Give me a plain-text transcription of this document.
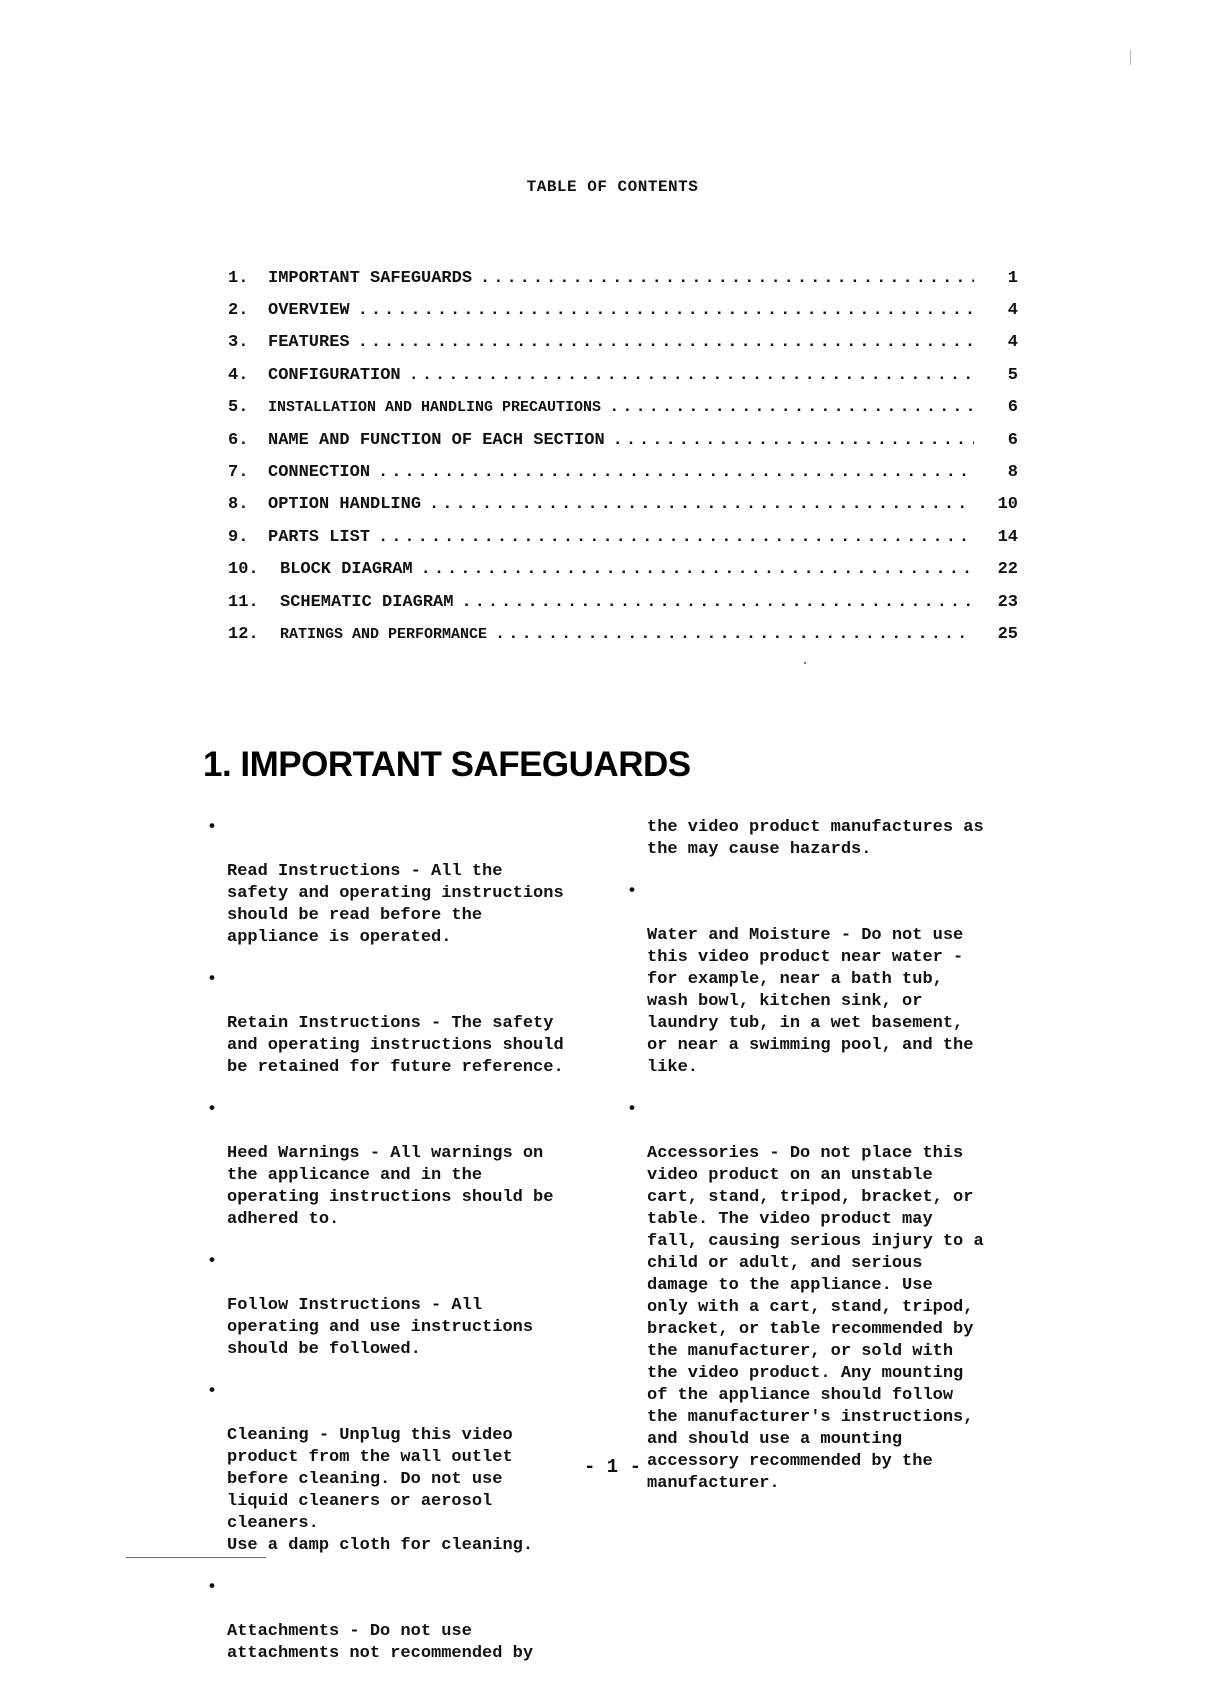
TABLE OF CONTENTS
1.	IMPORTANT SAFEGUARDS .....	1
2.	OVERVIEW .....	4
3.	FEATURES .....	4
4.	CONFIGURATION .....	5
5.	INSTALLATION AND HANDLING PRECAUTIONS .....	6
6.	NAME AND FUNCTION OF EACH SECTION .....	6
7.	CONNECTION .....	8
8.	OPTION HANDLING .....	10
9.	PARTS LIST .....	14
10.	BLOCK DIAGRAM .....	22
11.	SCHEMATIC DIAGRAM .....	23
12.	RATINGS AND PERFORMANCE .....	25
1. IMPORTANT SAFEGUARDS

•

Read Instructions - All the
safety and operating instructions
should be read before the
appliance is operated.

•

Retain Instructions - The safety
and operating instructions should
be retained for future reference.

•

Heed Warnings - All warnings on
the applicance and in the
operating instructions should be
adhered to.

•

Follow Instructions - All
operating and use instructions
should be followed.

•

Cleaning - Unplug this video
product from the wall outlet
before cleaning. Do not use
liquid cleaners or aerosol
cleaners.
Use a damp cloth for cleaning.

•

Attachments - Do not use
attachments not recommended by

the video product manufactures as
the may cause hazards.

•

Water and Moisture - Do not use
this video product near water -
for example, near a bath tub,
wash bowl, kitchen sink, or
laundry tub, in a wet basement,
or near a swimming pool, and the
like.

•

Accessories - Do not place this
video product on an unstable
cart, stand, tripod, bracket, or
table. The video product may
fall, causing serious injury to a
child or adult, and serious
damage to the appliance. Use
only with a cart, stand, tripod,
bracket, or table recommended by
the manufacturer, or sold with
the video product. Any mounting
of the appliance should follow
the manufacturer's instructions,
and should use a mounting
accessory recommended by the
manufacturer.

- 1 -
